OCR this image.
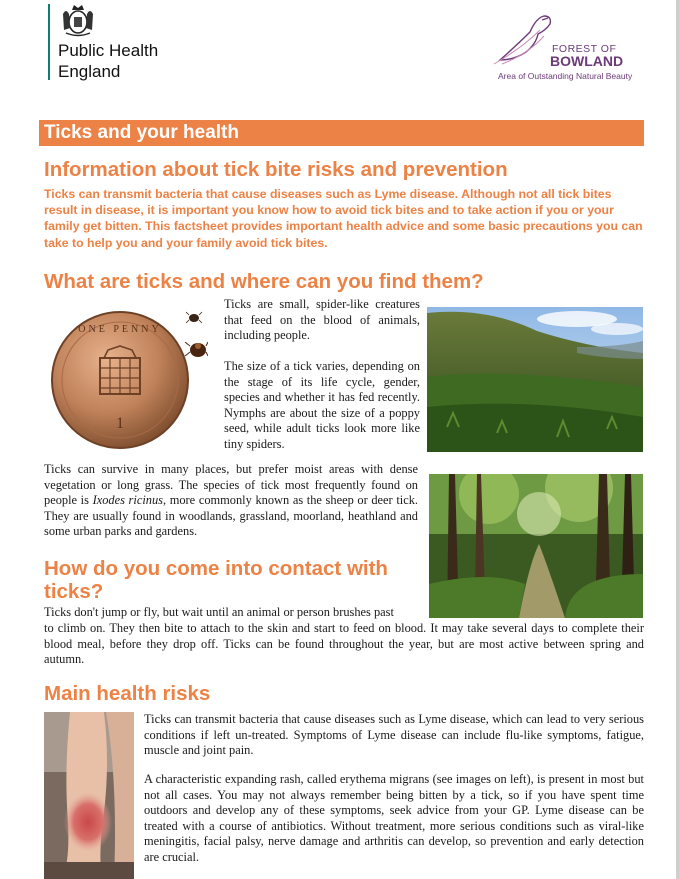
Public Health
England
FOREST OF
BOWLAND
Area of Outstanding Natural Beauty
Ticks and your health
Information about tick bite risks and prevention

Ticks can transmit bacteria that cause diseases such as Lyme disease. Although not all tick bites result in disease, it is important you know how to avoid tick bites and to take action if you or your family get bitten. This factsheet provides important health advice and some basic precautions you can take to help you and your family avoid tick bites.

What are ticks and where can you find them?
1
ONE PENNY

Ticks are small, spider-like creatures that feed on the blood of animals, including people.

The size of a tick varies, depending on the stage of its life cycle, gender, species and whether it has fed recently. Nymphs are about the size of a poppy seed, while adult ticks look more like tiny spiders.

Ticks can survive in many places, but prefer moist areas with dense vegetation or long grass. The species of tick most frequently found on people is Ixodes ricinus, more commonly known as the sheep or deer tick. They are usually found in woodlands, grassland, moorland, heathland and some urban parks and gardens.

How do you come into contact with ticks?

Ticks don't jump or fly, but wait until an animal or person brushes past

to climb on. They then bite to attach to the skin and start to feed on blood. It may take several days to complete their blood meal, before they drop off. Ticks can be found throughout the year, but are most active between spring and autumn.

Main health risks

Ticks can transmit bacteria that cause diseases such as Lyme disease, which can lead to very serious conditions if left un-treated. Symptoms of Lyme disease can include flu-like symptoms, fatigue, muscle and joint pain.

A characteristic expanding rash, called erythema migrans (see images on left), is present in most but not all cases. You may not always remember being bitten by a tick, so if you have spent time outdoors and develop any of these symptoms, seek advice from your GP. Lyme disease can be treated with a course of antibiotics. Without treatment, more serious conditions such as viral-like meningitis, facial palsy, nerve damage and arthritis can develop, so prevention and early detection are crucial.
